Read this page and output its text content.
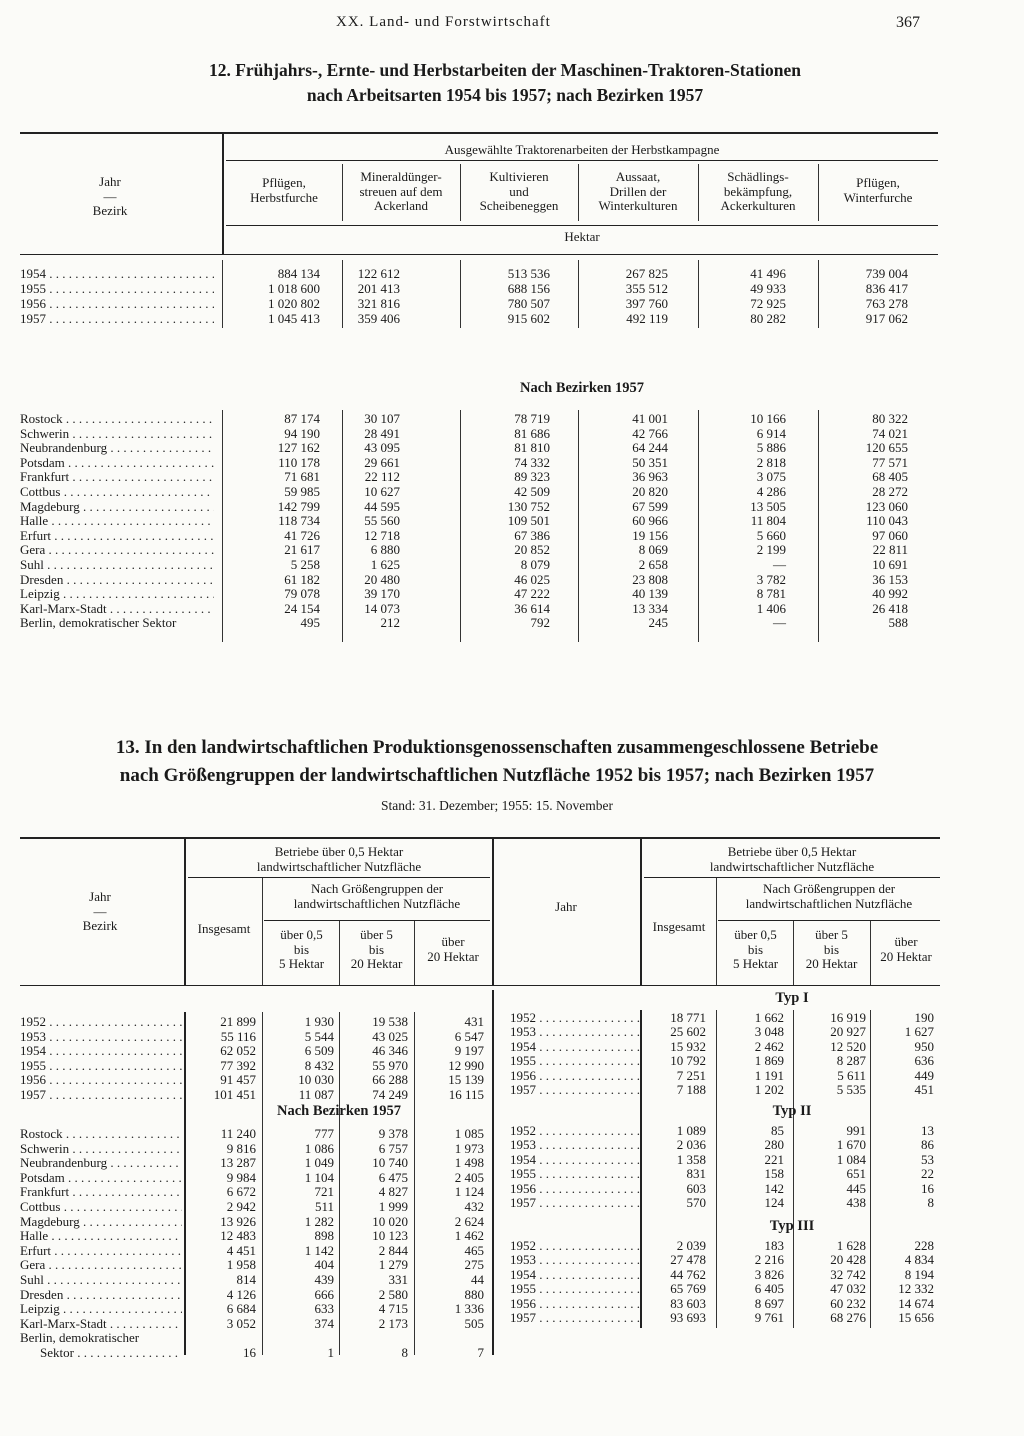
XX. Land- und Forstwirtschaft	367
12. Frühjahrs-, Ernte- und Herbstarbeiten der Maschinen-Traktoren-Stationen
nach Arbeitsarten 1954 bis 1957; nach Bezirken 1957
Jahr
—
Bezirk
Ausgewählte Traktorenarbeiten der Herbstkampagne
Hektar
Pflügen,
Herbstfurche
Mineraldünger-
streuen auf dem
Ackerland
Kultivieren
und
Scheibeneggen
Aussaat,
Drillen der
Winterkulturen
Schädlings-
bekämpfung,
Ackerkulturen
Pflügen,
Winterfurche
1954 . . .	884 134	122 612	513 536	267 825	41 496	739 004
1955 . . .	1 018 600	201 413	688 156	355 512	49 933	836 417
1956 . . .	1 020 802	321 816	780 507	397 760	72 925	763 278
1957 . . .	1 045 413	359 406	915 602	492 119	80 282	917 062
Nach Bezirken 1957
Rostock . . .	87 174	30 107	78 719	41 001	10 166	80 322
Schwerin . . .	94 190	28 491	81 686	42 766	6 914	74 021
Neubrandenburg . . .	127 162	43 095	81 810	64 244	5 886	120 655
Potsdam . . .	110 178	29 661	74 332	50 351	2 818	77 571
Frankfurt . . .	71 681	22 112	89 323	36 963	3 075	68 405
Cottbus . . .	59 985	10 627	42 509	20 820	4 286	28 272
Magdeburg . . .	142 799	44 595	130 752	67 599	13 505	123 060
Halle . . .	118 734	55 560	109 501	60 966	11 804	110 043
Erfurt . . .	41 726	12 718	67 386	19 156	5 660	97 060
Gera . . .	21 617	6 880	20 852	8 069	2 199	22 811
Suhl . . .	5 258	1 625	8 079	2 658	—	10 691
Dresden . . .	61 182	20 480	46 025	23 808	3 782	36 153
Leipzig . . .	79 078	39 170	47 222	40 139	8 781	40 992
Karl-Marx-Stadt . . .	24 154	14 073	36 614	13 334	1 406	26 418
Berlin, demokratischer Sektor	495	212	792	245	—	588
13. In den landwirtschaftlichen Produktionsgenossenschaften zusammengeschlossene Betriebe
nach Größengruppen der landwirtschaftlichen Nutzfläche 1952 bis 1957; nach Bezirken 1957
Stand: 31. Dezember; 1955: 15. November
Jahr
—
Bezirk
Betriebe über 0,5 Hektar
landwirtschaftlicher Nutzfläche
Insgesamt
Nach Größengruppen der
landwirtschaftlichen Nutzfläche	Jahr
Betriebe über 0,5 Hektar
landwirtschaftlicher Nutzfläche
Insgesamt
Nach Größengruppen der
landwirtschaftlichen Nutzfläche
über 0,5
bis
5 Hektar
über 5
bis
20 Hektar
über
20 Hektar
über 0,5
bis
5 Hektar
über 5
bis
20 Hektar
über
20 Hektar
1952 . . .	21 899	1 930	19 538	431
1953 . . .	55 116	5 544	43 025	6 547
1954 . . .	62 052	6 509	46 346	9 197
1955 . . .	77 392	8 432	55 970	12 990
1956 . . .	91 457	10 030	66 288	15 139
1957 . . .	101 451	11 087	74 249	16 115
Rostock . . .	11 240	777	9 378	1 085
Schwerin . . .	9 816	1 086	6 757	1 973
Neubrandenburg . . .	13 287	1 049	10 740	1 498
Potsdam . . .	9 984	1 104	6 475	2 405
Frankfurt . . .	6 672	721	4 827	1 124
Cottbus . . .	2 942	511	1 999	432
Magdeburg . . .	13 926	1 282	10 020	2 624
Halle . . .	12 483	898	10 123	1 462
Erfurt . . .	4 451	1 142	2 844	465
Gera . . .	1 958	404	1 279	275
Suhl . . .	814	439	331	44
Dresden . . .	4 126	666	2 580	880
Leipzig . . .	6 684	633	4 715	1 336
Karl-Marx-Stadt . . .	3 052	374	2 173	505
Berlin, demokratischer
Sektor . . .	16	1	8	7
Nach Bezirken 1957
Typ I
1952 . . .	18 771	1 662	16 919	190
1953 . . .	25 602	3 048	20 927	1 627
1954 . . .	15 932	2 462	12 520	950
1955 . . .	10 792	1 869	8 287	636
1956 . . .	7 251	1 191	5 611	449
1957 . . .	7 188	1 202	5 535	451
Typ II
1952 . . .	1 089	85	991	13
1953 . . .	2 036	280	1 670	86
1954 . . .	1 358	221	1 084	53
1955 . . .	831	158	651	22
1956 . . .	603	142	445	16
1957 . . .	570	124	438	8
Typ III
1952 . . .	2 039	183	1 628	228
1953 . . .	27 478	2 216	20 428	4 834
1954 . . .	44 762	3 826	32 742	8 194
1955 . . .	65 769	6 405	47 032	12 332
1956 . . .	83 603	8 697	60 232	14 674
1957 . . .	93 693	9 761	68 276	15 656
